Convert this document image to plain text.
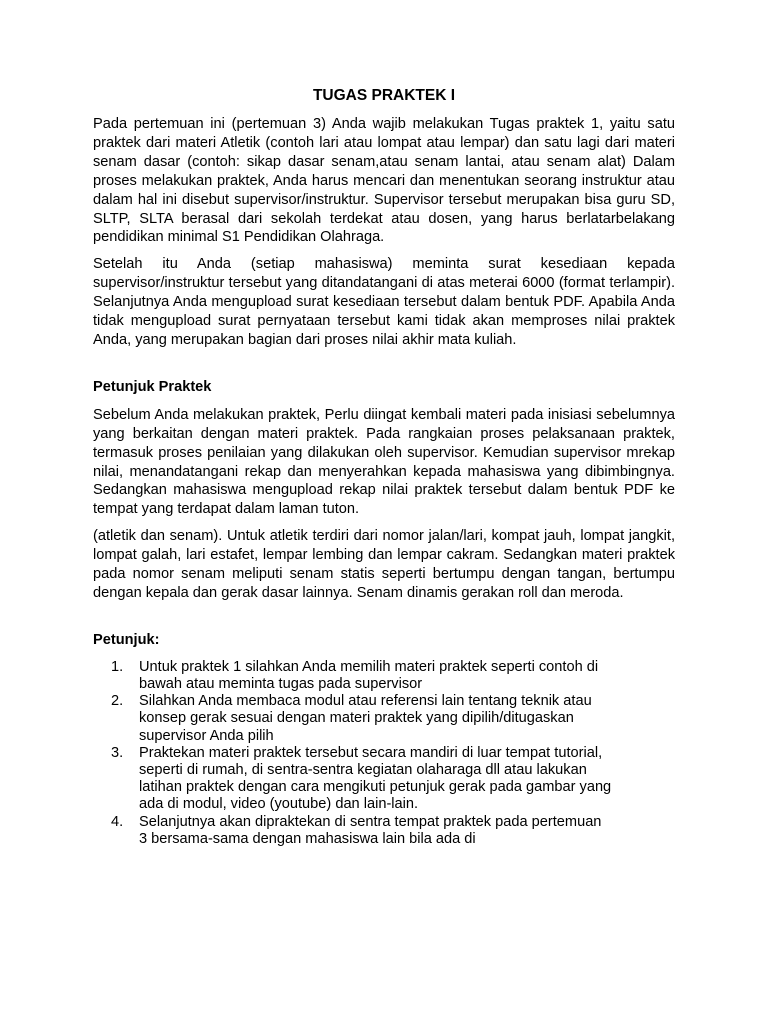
TUGAS PRAKTEK I

Pada pertemuan ini (pertemuan 3) Anda wajib melakukan Tugas praktek 1, yaitu satu praktek dari materi Atletik (contoh lari atau lompat atau lempar) dan satu lagi dari materi senam dasar (contoh: sikap dasar senam,atau senam lantai, atau senam alat) Dalam proses melakukan praktek, Anda harus mencari dan menentukan seorang instruktur atau dalam hal ini disebut supervisor/instruktur. Supervisor tersebut merupakan bisa guru SD, SLTP, SLTA berasal dari sekolah terdekat atau dosen, yang harus berlatarbelakang pendidikan minimal S1 Pendidikan Olahraga.

Setelah itu Anda (setiap mahasiswa) meminta surat kesediaan kepada supervisor/instruktur tersebut yang ditandatangani di atas meterai 6000 (format terlampir). Selanjutnya Anda mengupload surat kesediaan tersebut dalam bentuk PDF. Apabila Anda tidak mengupload surat pernyataan tersebut kami tidak akan memproses nilai praktek Anda, yang merupakan bagian dari proses nilai akhir mata kuliah.

Petunjuk Praktek

Sebelum Anda melakukan praktek, Perlu diingat kembali materi pada inisiasi sebelumnya yang berkaitan dengan materi praktek. Pada rangkaian proses pelaksanaan praktek, termasuk proses penilaian yang dilakukan oleh supervisor. Kemudian supervisor mrekap nilai, menandatangani rekap dan menyerahkan kepada mahasiswa yang dibimbingnya. Sedangkan mahasiswa mengupload rekap nilai praktek tersebut dalam bentuk PDF ke tempat yang terdapat dalam laman tuton.

(atletik dan senam). Untuk atletik terdiri dari nomor jalan/lari, kompat jauh, lompat jangkit, lompat galah, lari estafet, lempar lembing dan lempar cakram. Sedangkan materi praktek pada nomor senam meliputi senam statis seperti bertumpu dengan tangan, bertumpu dengan kepala dan gerak dasar lainnya. Senam dinamis gerakan roll dan meroda.

Petunjuk:
1. Untuk praktek 1 silahkan Anda memilih materi praktek seperti contoh di bawah atau meminta tugas pada supervisor
2. Silahkan Anda membaca modul atau referensi lain tentang teknik atau konsep gerak sesuai dengan materi praktek yang dipilih/ditugaskan supervisor Anda pilih
3. Praktekan materi praktek tersebut secara mandiri di luar tempat tutorial, seperti di rumah, di sentra-sentra kegiatan olaharaga dll atau lakukan latihan praktek dengan cara mengikuti petunjuk gerak pada gambar yang ada di modul, video (youtube) dan lain-lain.
4. Selanjutnya akan dipraktekan di sentra tempat praktek pada pertemuan 3 bersama-sama dengan mahasiswa lain bila ada di
